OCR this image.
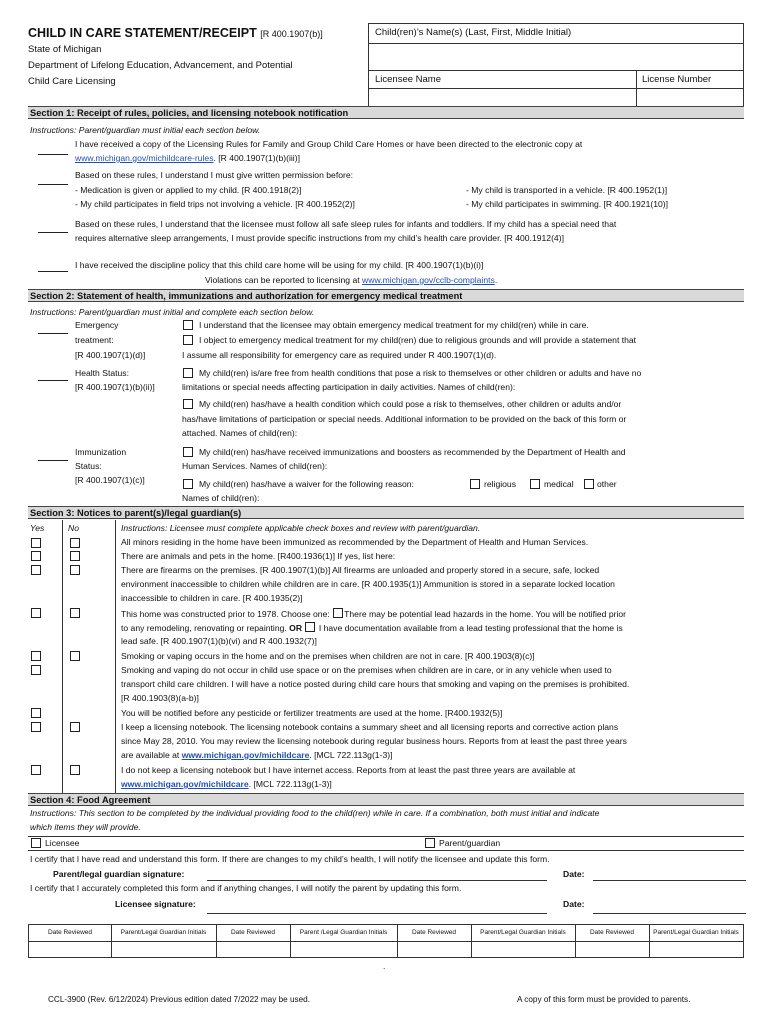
CHILD IN CARE STATEMENT/RECEIPT [R 400.1907(b)]
State of Michigan
Department of Lifelong Education, Advancement, and Potential
Child Care Licensing
Child(ren)’s Name(s) (Last, First, Middle Initial)
Licensee Name	License Number
Section 1: Receipt of rules, policies, and licensing notebook notification
Instructions: Parent/guardian must initial each section below.
I have received a copy of the Licensing Rules for Family and Group Child Care Homes or have been directed to the electronic copy at
www.michigan.gov/michildcare-rules. [R 400.1907(1)(b)(iii)]
Based on these rules, I understand I must give written permission before:
- Medication is given or applied to my child. [R 400.1918(2)]	- My child is transported in a vehicle. [R 400.1952(1)]
- My child participates in field trips not involving a vehicle. [R 400.1952(2)]	- My child participates in swimming. [R 400.1921(10)]
Based on these rules, I understand that the licensee must follow all safe sleep rules for infants and toddlers. If my child has a special need that
requires alternative sleep arrangements, I must provide specific instructions from my child’s health care provider. [R 400.1912(4)]
I have received the discipline policy that this child care home will be using for my child. [R 400.1907(1)(b)(i)]
Violations can be reported to licensing at www.michigan.gov/cclb-complaints.
Section 2: Statement of health, immunizations and authorization for emergency medical treatment
Instructions: Parent/guardian must initial and complete each section below.
Emergency
treatment:
[R 400.1907(1)(d)]
I understand that the licensee may obtain emergency medical treatment for my child(ren) while in care.
I object to emergency medical treatment for my child(ren) due to religious grounds and will provide a statement that
I assume all responsibility for emergency care as required under R 400.1907(1)(d).
Health Status:
[R 400.1907(1)(b)(ii)]
My child(ren) is/are free from health conditions that pose a risk to themselves or other children or adults and have no
limitations or special needs affecting participation in daily activities. Names of child(ren):
My child(ren) has/have a health condition which could pose a risk to themselves, other children or adults and/or
has/have limitations of participation or special needs. Additional information to be provided on the back of this form or
attached. Names of child(ren):
Immunization
Status:
[R 400.1907(1)(c)]
My child(ren) has/have received immunizations and boosters as recommended by the Department of Health and
Human Services. Names of child(ren):
My child(ren) has/have a waiver for the following reason:	religious	medical	other
Names of child(ren):
Section 3: Notices to parent(s)/legal guardian(s)
Yes	No	Instructions: Licensee must complete applicable check boxes and review with parent/guardian.
All minors residing in the home have been immunized as recommended by the Department of Health and Human Services.
There are animals and pets in the home. [R400.1936(1)] If yes, list here:
There are firearms on the premises. [R 400.1907(1)(b)] All firearms are unloaded and properly stored in a secure, safe, locked
environment inaccessible to children while children are in care. [R 400.1935(1)] Ammunition is stored in a separate locked location
inaccessible to children in care. [R 400.1935(2)]
This home was constructed prior to 1978. Choose one: There may be potential lead hazards in the home. You will be notified prior
to any remodeling, renovating or repainting. OR I have documentation available from a lead testing professional that the home is
lead safe. [R 400.1907(1)(b)(vi) and R 400.1932(7)]
Smoking or vaping occurs in the home and on the premises when children are not in care. [R 400.1903(8)(c)]
Smoking and vaping do not occur in child use space or on the premises when children are in care, or in any vehicle when used to
transport child care children. I will have a notice posted during child care hours that smoking and vaping on the premises is prohibited.
[R 400.1903(8)(a-b)]
You will be notified before any pesticide or fertilizer treatments are used at the home. [R400.1932(5)]
I keep a licensing notebook. The licensing notebook contains a summary sheet and all licensing reports and corrective action plans
since May 28, 2010. You may review the licensing notebook during regular business hours. Reports from at least the past three years
are available at www.michigan.gov/michildcare. [MCL 722.113g(1-3)]
I do not keep a licensing notebook but I have internet access. Reports from at least the past three years are available at
www.michigan.gov/michildcare. [MCL 722.113g(1-3)]
Section 4: Food Agreement
Instructions: This section to be completed by the individual providing food to the child(ren) while in care. If a combination, both must initial and indicate
which items they will provide.
Licensee	Parent/guardian
I certify that I have read and understand this form. If there are changes to my child’s health, I will notify the licensee and update this form.
Parent/legal guardian signature:	Date:
I certify that I accurately completed this form and if anything changes, I will notify the parent by updating this form.
Licensee signature:	Date:
Date Reviewed	Parent/Legal Guardian Initials	Date Reviewed	Parent /Legal Guardian Initials	Date Reviewed	Parent/Legal Guardian Initials	Date Reviewed	Parent/Legal Guardian Initials
.
CCL-3900 (Rev. 6/12/2024) Previous edition dated 7/2022 may be used.	A copy of this form must be provided to parents.
